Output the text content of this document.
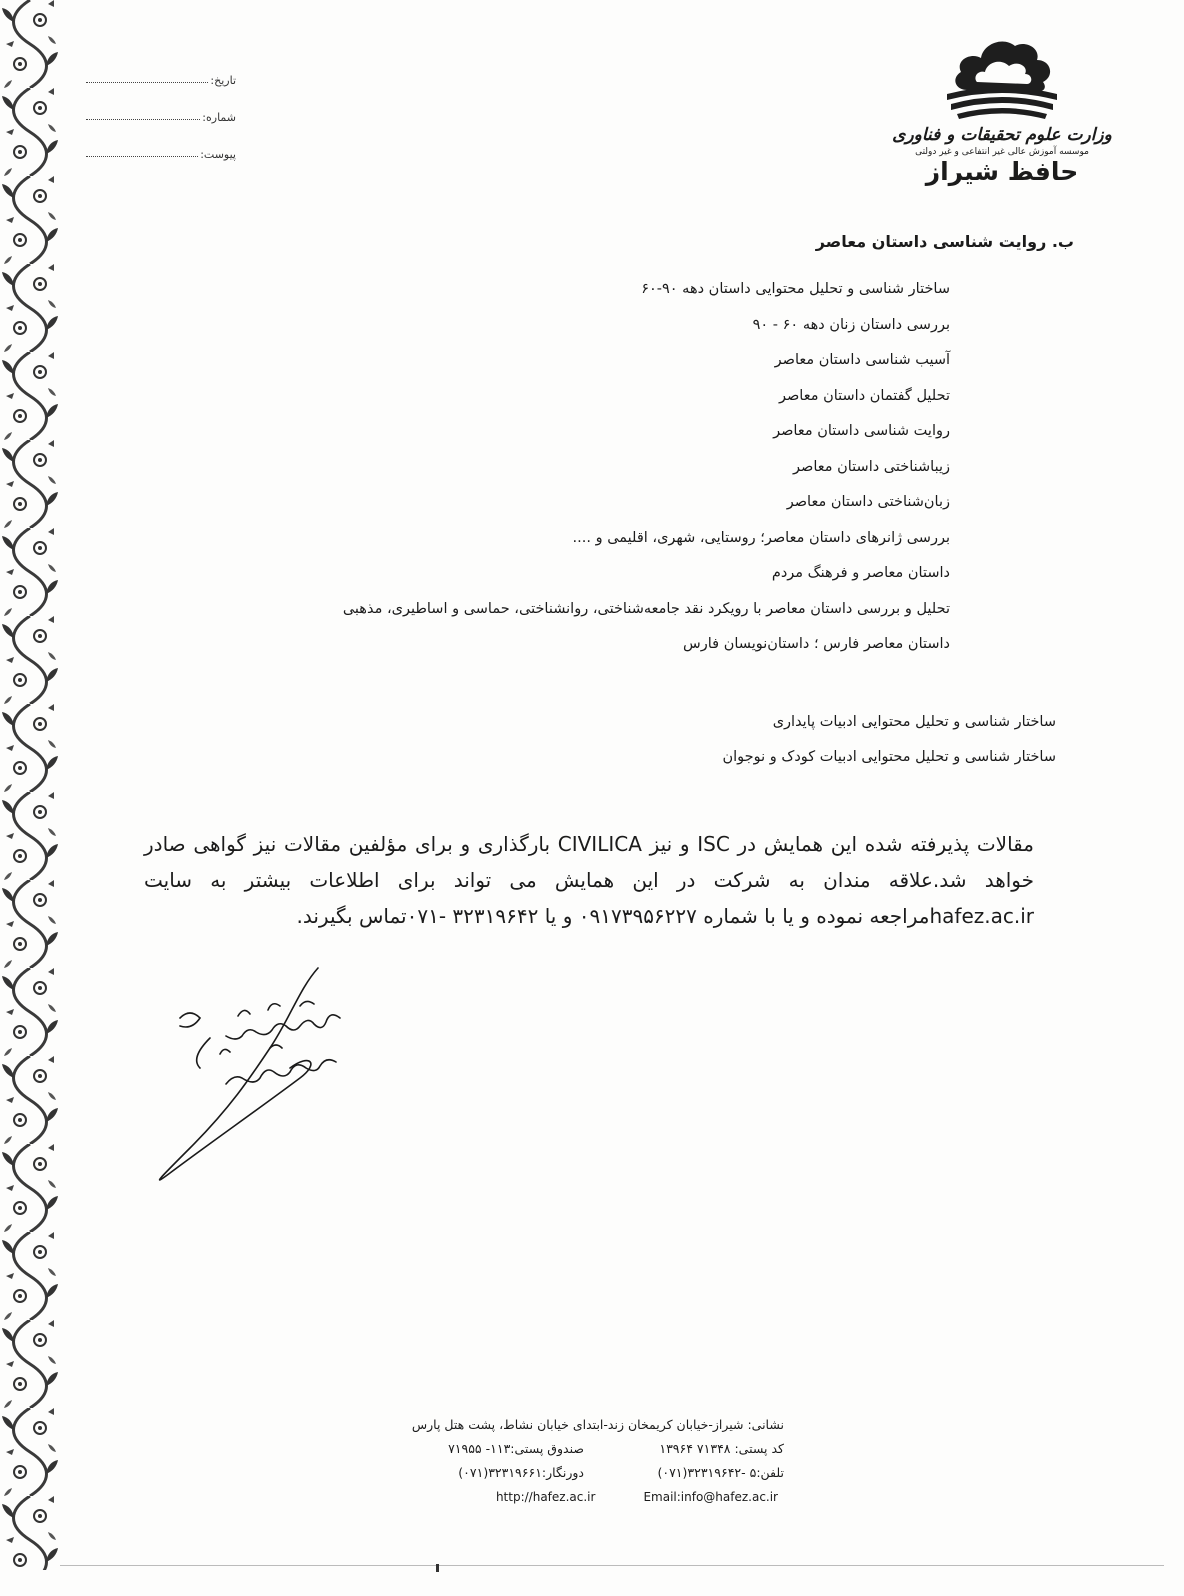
تاریخ:
شماره:
پیوست:
وزارت علوم تحقیقات و فناوری
موسسه آموزش عالی غیر انتفاعی و غیر دولتی
حافظ شیراز
ب. روایت شناسی داستان معاصر
ساختار شناسی و تحلیل محتوایی داستان دهه ۹۰-۶۰
بررسی داستان زنان دهه ۶۰ - ۹۰
آسیب شناسی داستان معاصر
تحلیل گفتمان داستان معاصر
روایت شناسی داستان معاصر
زیباشناختی داستان معاصر
زبان‌شناختی داستان معاصر
بررسی ژانرهای داستان معاصر؛ روستایی، شهری، اقلیمی و ....
داستان معاصر و فرهنگ مردم
تحلیل و بررسی داستان معاصر با رویکرد نقد جامعه‌شناختی، روانشناختی، حماسی و اساطیری، مذهبی
داستان معاصر فارس ؛ داستان‌نویسان فارس
ساختار شناسی و تحلیل محتوایی ادبیات پایداری
ساختار شناسی و تحلیل محتوایی ادبیات کودک و نوجوان
مقالات پذیرفته شده این همایش در ISC و نیز CIVILICA بارگذاری و برای مؤلفین مقالات نیز گواهی صادر خواهد شد.علاقه مندان به شرکت در این همایش می تواند برای اطلاعات بیشتر به سایت hafez.ac.irمراجعه نموده و یا با شماره ۰۹۱۷۳۹۵۶۲۲۷ و یا ۳۲۳۱۹۶۴۲ -۰۷۱تماس بگیرند.
نشانی: شیراز-خیابان کریمخان زند-ابتدای خیابان نشاط، پشت هتل پارس
کد پستی: ۷۱۳۴۸ ۱۳۹۶۴
صندوق پستی:۱۱۳- ۷۱۹۵۵
تلفن:۵ -۳۲۳۱۹۶۴۲(۰۷۱)
دورنگار:۳۲۳۱۹۶۶۱(۰۷۱)
http://hafez.ac.ir	Email:info@hafez.ac.ir
